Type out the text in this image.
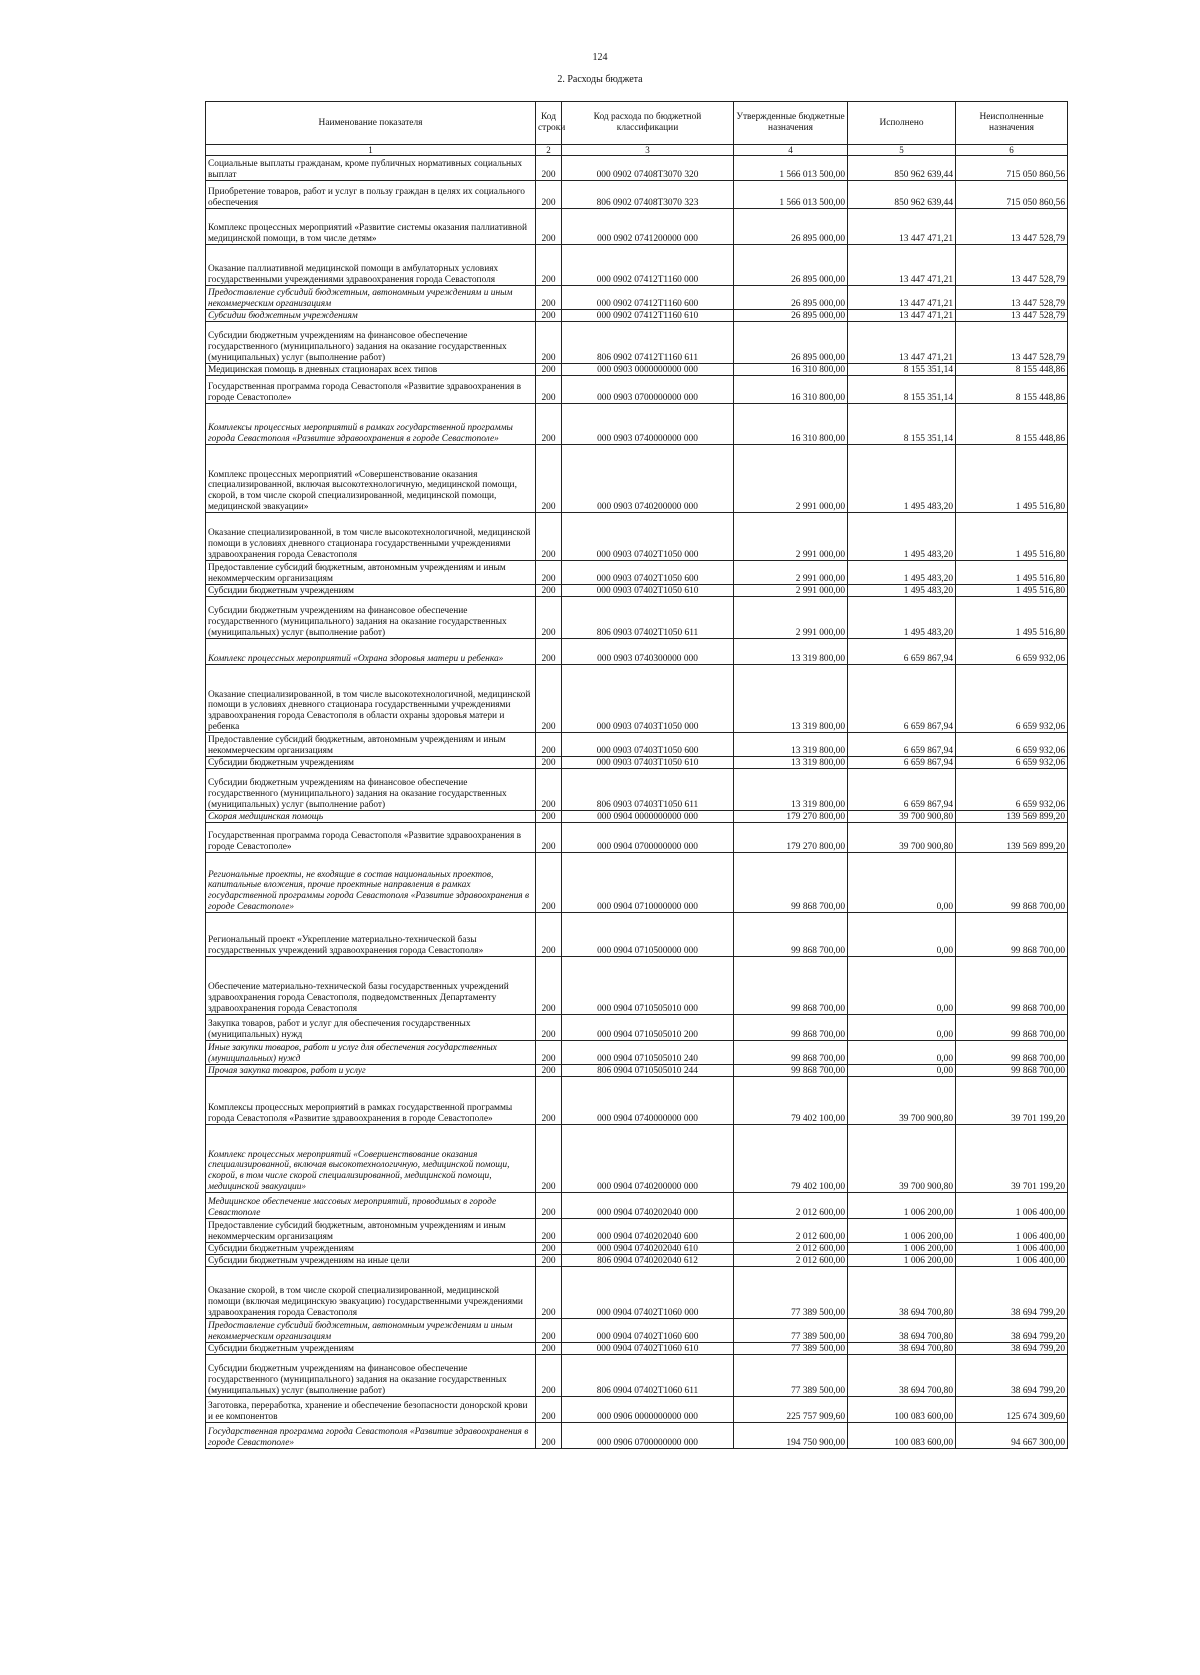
124
2. Расходы бюджета
Наименование показателя	Код строки	Код расхода по бюджетной классификации	Утвержденные бюджетные назначения	Исполнено	Неисполненные назначения
1	2	3	4	5	6
Социальные выплаты гражданам, кроме публичных нормативных социальных выплат	200	000 0902 07408Т3070 320	1 566 013 500,00	850 962 639,44	715 050 860,56
Приобретение товаров, работ и услуг в пользу граждан в целях их социального обеспечения	200	806 0902 07408Т3070 323	1 566 013 500,00	850 962 639,44	715 050 860,56
Комплекс процессных мероприятий «Развитие системы оказания паллиативной медицинской помощи, в том числе детям»	200	000 0902 0741200000 000	26 895 000,00	13 447 471,21	13 447 528,79
Оказание паллиативной медицинской помощи в амбулаторных условиях государственными учреждениями здравоохранения города Севастополя	200	000 0902 07412Т1160 000	26 895 000,00	13 447 471,21	13 447 528,79
Предоставление субсидий бюджетным, автономным учреждениям и иным некоммерческим организациям	200	000 0902 07412Т1160 600	26 895 000,00	13 447 471,21	13 447 528,79
Субсидии бюджетным учреждениям	200	000 0902 07412Т1160 610	26 895 000,00	13 447 471,21	13 447 528,79
Субсидии бюджетным учреждениям на финансовое обеспечение государственного (муниципального) задания на оказание государственных (муниципальных) услуг (выполнение работ)	200	806 0902 07412Т1160 611	26 895 000,00	13 447 471,21	13 447 528,79
Медицинская помощь в дневных стационарах всех типов	200	000 0903 0000000000 000	16 310 800,00	8 155 351,14	8 155 448,86
Государственная программа города Севастополя «Развитие здравоохранения в городе Севастополе»	200	000 0903 0700000000 000	16 310 800,00	8 155 351,14	8 155 448,86
Комплексы процессных мероприятий в рамках государственной программы города Севастополя «Развитие здравоохранения в городе Севастополе»	200	000 0903 0740000000 000	16 310 800,00	8 155 351,14	8 155 448,86
Комплекс процессных мероприятий «Совершенствование оказания специализированной, включая высокотехнологичную, медицинской помощи, скорой, в том числе скорой специализированной, медицинской помощи, медицинской эвакуации»	200	000 0903 0740200000 000	2 991 000,00	1 495 483,20	1 495 516,80
Оказание специализированной, в том числе высокотехнологичной, медицинской помощи в условиях дневного стационара государственными учреждениями здравоохранения города Севастополя	200	000 0903 07402Т1050 000	2 991 000,00	1 495 483,20	1 495 516,80
Предоставление субсидий бюджетным, автономным учреждениям и иным некоммерческим организациям	200	000 0903 07402Т1050 600	2 991 000,00	1 495 483,20	1 495 516,80
Субсидии бюджетным учреждениям	200	000 0903 07402Т1050 610	2 991 000,00	1 495 483,20	1 495 516,80
Субсидии бюджетным учреждениям на финансовое обеспечение государственного (муниципального) задания на оказание государственных (муниципальных) услуг (выполнение работ)	200	806 0903 07402Т1050 611	2 991 000,00	1 495 483,20	1 495 516,80
Комплекс процессных мероприятий «Охрана здоровья матери и ребенка»	200	000 0903 0740300000 000	13 319 800,00	6 659 867,94	6 659 932,06
Оказание специализированной, в том числе высокотехнологичной, медицинской помощи в условиях дневного стационара государственными учреждениями здравоохранения города Севастополя в области охраны здоровья матери и ребенка	200	000 0903 07403Т1050 000	13 319 800,00	6 659 867,94	6 659 932,06
Предоставление субсидий бюджетным, автономным учреждениям и иным некоммерческим организациям	200	000 0903 07403Т1050 600	13 319 800,00	6 659 867,94	6 659 932,06
Субсидии бюджетным учреждениям	200	000 0903 07403Т1050 610	13 319 800,00	6 659 867,94	6 659 932,06
Субсидии бюджетным учреждениям на финансовое обеспечение государственного (муниципального) задания на оказание государственных (муниципальных) услуг (выполнение работ)	200	806 0903 07403Т1050 611	13 319 800,00	6 659 867,94	6 659 932,06
Скорая медицинская помощь	200	000 0904 0000000000 000	179 270 800,00	39 700 900,80	139 569 899,20
Государственная программа города Севастополя «Развитие здравоохранения в городе Севастополе»	200	000 0904 0700000000 000	179 270 800,00	39 700 900,80	139 569 899,20
Региональные проекты, не входящие в состав национальных проектов, капитальные вложения, прочие проектные направления в рамках государственной программы города Севастополя «Развитие здравоохранения в городе Севастополе»	200	000 0904 0710000000 000	99 868 700,00	0,00	99 868 700,00
Региональный проект «Укрепление материально-технической базы государственных учреждений здравоохранения города Севастополя»	200	000 0904 0710500000 000	99 868 700,00	0,00	99 868 700,00
Обеспечение материально-технической базы государственных учреждений здравоохранения города Севастополя, подведомственных Департаменту здравоохранения города Севастополя	200	000 0904 0710505010 000	99 868 700,00	0,00	99 868 700,00
Закупка товаров, работ и услуг для обеспечения государственных (муниципальных) нужд	200	000 0904 0710505010 200	99 868 700,00	0,00	99 868 700,00
Иные закупки товаров, работ и услуг для обеспечения государственных (муниципальных) нужд	200	000 0904 0710505010 240	99 868 700,00	0,00	99 868 700,00
Прочая закупка товаров, работ и услуг	200	806 0904 0710505010 244	99 868 700,00	0,00	99 868 700,00
Комплексы процессных мероприятий в рамках государственной программы города Севастополя «Развитие здравоохранения в городе Севастополе»	200	000 0904 0740000000 000	79 402 100,00	39 700 900,80	39 701 199,20
Комплекс процессных мероприятий «Совершенствование оказания специализированной, включая высокотехнологичную, медицинской помощи, скорой, в том числе скорой специализированной, медицинской помощи, медицинской эвакуации»	200	000 0904 0740200000 000	79 402 100,00	39 700 900,80	39 701 199,20
Медицинское обеспечение массовых мероприятий, проводимых в городе Севастополе	200	000 0904 0740202040 000	2 012 600,00	1 006 200,00	1 006 400,00
Предоставление субсидий бюджетным, автономным учреждениям и иным некоммерческим организациям	200	000 0904 0740202040 600	2 012 600,00	1 006 200,00	1 006 400,00
Субсидии бюджетным учреждениям	200	000 0904 0740202040 610	2 012 600,00	1 006 200,00	1 006 400,00
Субсидии бюджетным учреждениям на иные цели	200	806 0904 0740202040 612	2 012 600,00	1 006 200,00	1 006 400,00
Оказание скорой, в том числе скорой специализированной, медицинской помощи (включая медицинскую эвакуацию) государственными учреждениями здравоохранения города Севастополя	200	000 0904 07402Т1060 000	77 389 500,00	38 694 700,80	38 694 799,20
Предоставление субсидий бюджетным, автономным учреждениям и иным некоммерческим организациям	200	000 0904 07402Т1060 600	77 389 500,00	38 694 700,80	38 694 799,20
Субсидии бюджетным учреждениям	200	000 0904 07402Т1060 610	77 389 500,00	38 694 700,80	38 694 799,20
Субсидии бюджетным учреждениям на финансовое обеспечение государственного (муниципального) задания на оказание государственных (муниципальных) услуг (выполнение работ)	200	806 0904 07402Т1060 611	77 389 500,00	38 694 700,80	38 694 799,20
Заготовка, переработка, хранение и обеспечение безопасности донорской крови и ее компонентов	200	000 0906 0000000000 000	225 757 909,60	100 083 600,00	125 674 309,60
Государственная программа города Севастополя «Развитие здравоохранения в городе Севастополе»	200	000 0906 0700000000 000	194 750 900,00	100 083 600,00	94 667 300,00
